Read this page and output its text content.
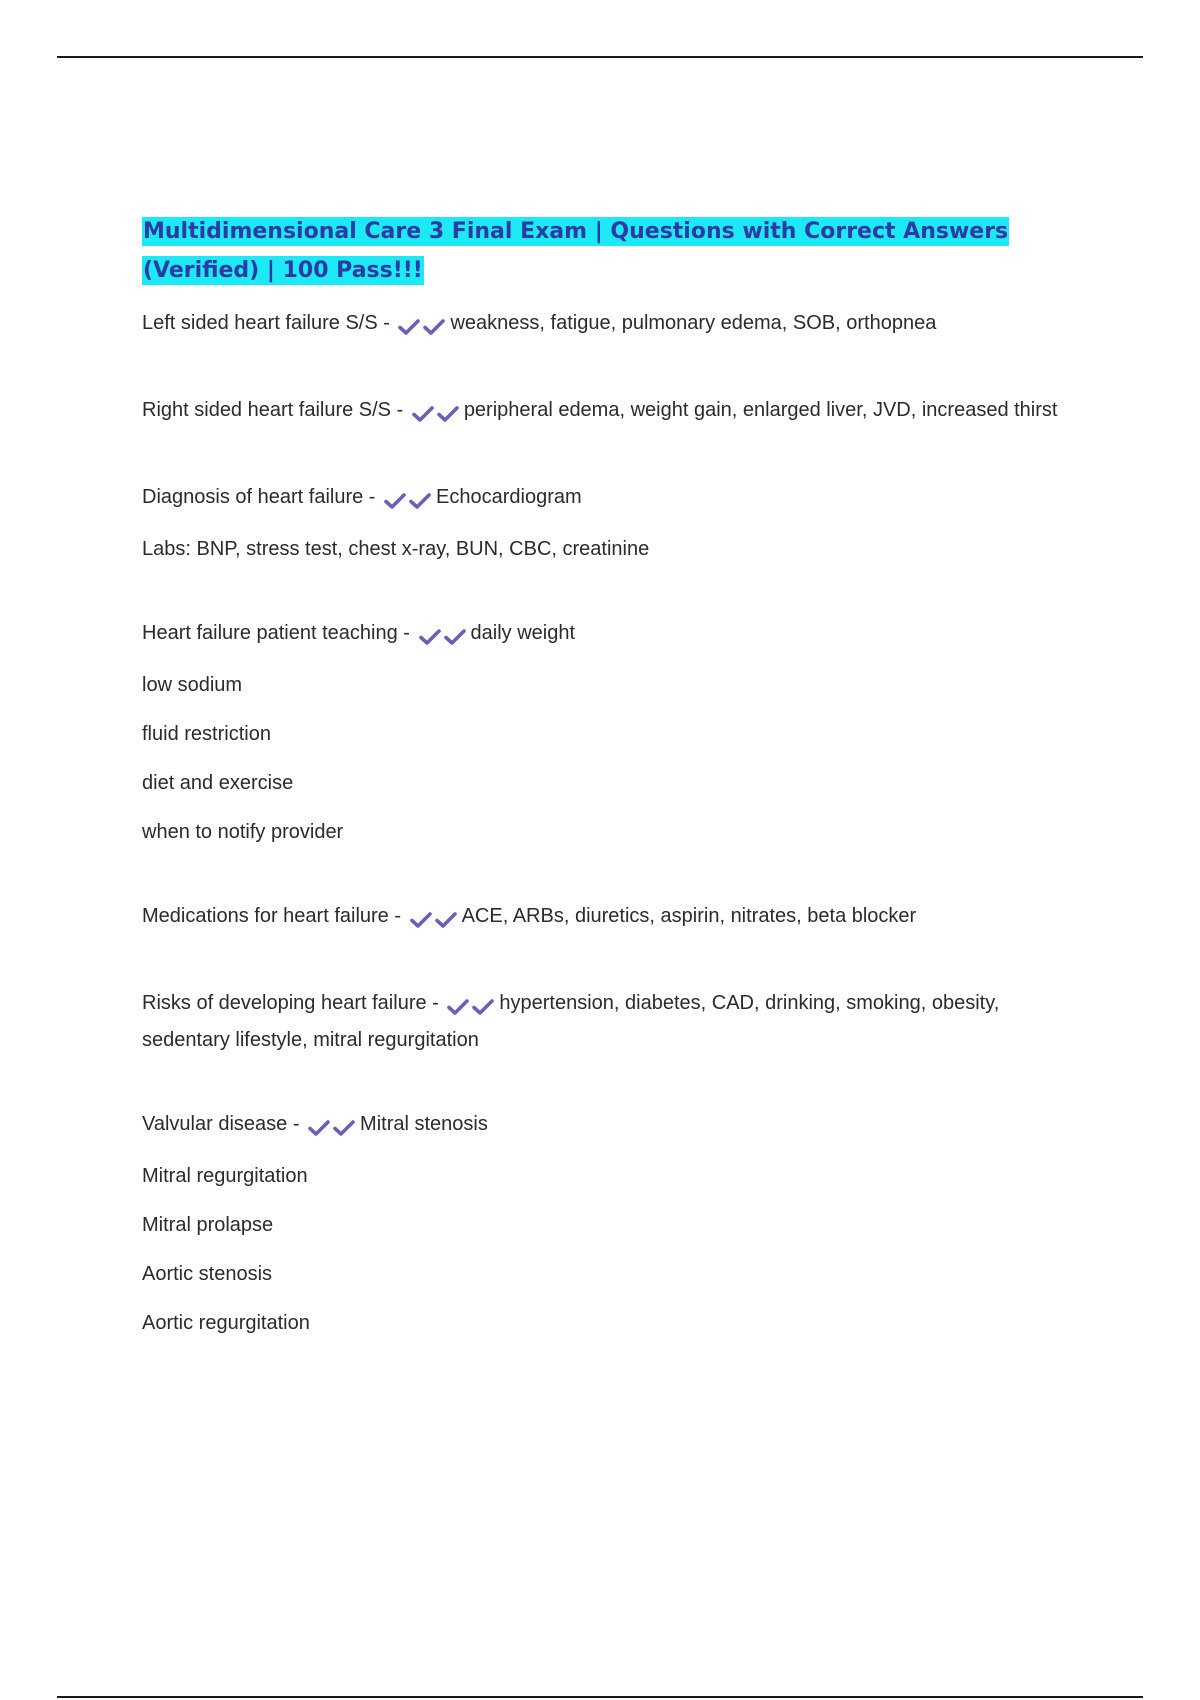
Multidimensional Care 3 Final Exam | Questions with Correct Answers (Verified) | 100 Pass!!!

Left sided heart failure S/S -	weakness, fatigue, pulmonary edema, SOB, orthopnea

Right sided heart failure S/S -	peripheral edema, weight gain, enlarged liver, JVD, increased thirst

Diagnosis of heart failure -	Echocardiogram

Labs: BNP, stress test, chest x-ray, BUN, CBC, creatinine

Heart failure patient teaching -	daily weight

low sodium

fluid restriction

diet and exercise

when to notify provider

Medications for heart failure -	ACE, ARBs, diuretics, aspirin, nitrates, beta blocker

Risks of developing heart failure -	hypertension, diabetes, CAD, drinking, smoking, obesity, sedentary lifestyle, mitral regurgitation

Valvular disease -	Mitral stenosis

Mitral regurgitation

Mitral prolapse

Aortic stenosis

Aortic regurgitation
